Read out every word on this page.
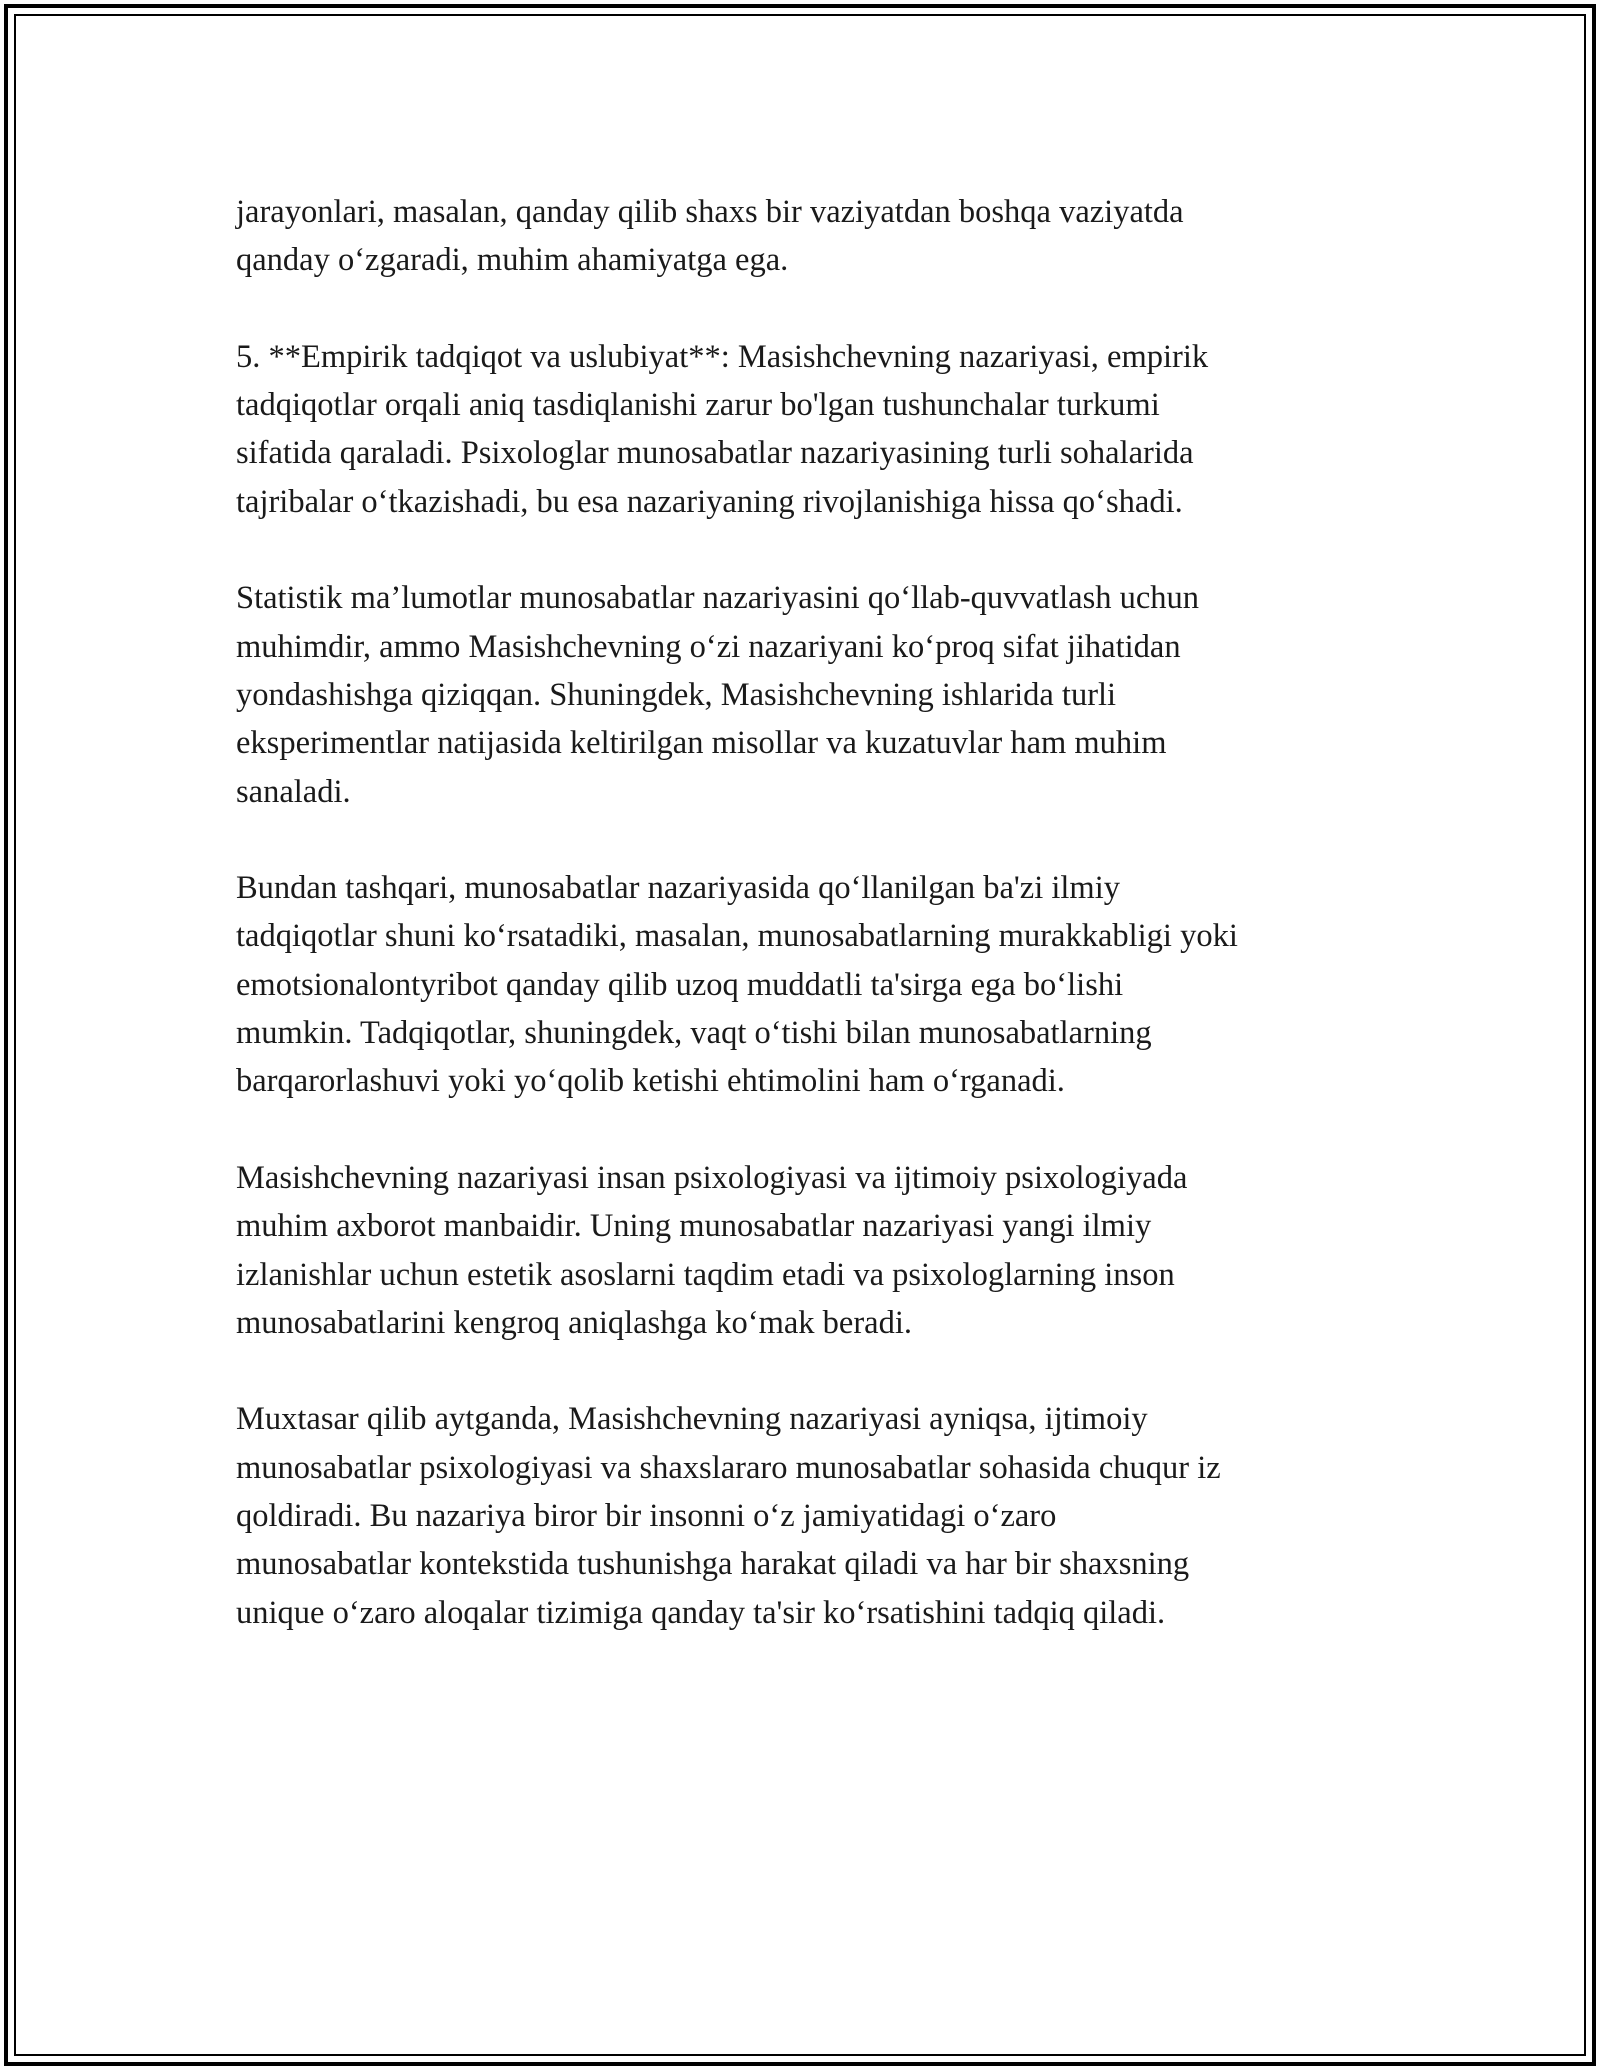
jarayonlari, masalan, qanday qilib shaxs bir vaziyatdan boshqa vaziyatda
qanday o‘zgaradi, muhim ahamiyatga ega.

5. **Empirik tadqiqot va uslubiyat**: Masishchevning nazariyasi, empirik
tadqiqotlar orqali aniq tasdiqlanishi zarur bo'lgan tushunchalar turkumi
sifatida qaraladi. Psixologlar munosabatlar nazariyasining turli sohalarida
tajribalar o‘tkazishadi, bu esa nazariyaning rivojlanishiga hissa qo‘shadi.

Statistik ma’lumotlar munosabatlar nazariyasini qo‘llab-quvvatlash uchun
muhimdir, ammo Masishchevning o‘zi nazariyani ko‘proq sifat jihatidan
yondashishga qiziqqan. Shuningdek, Masishchevning ishlarida turli
eksperimentlar natijasida keltirilgan misollar va kuzatuvlar ham muhim
sanaladi.

Bundan tashqari, munosabatlar nazariyasida qo‘llanilgan ba'zi ilmiy
tadqiqotlar shuni ko‘rsatadiki, masalan, munosabatlarning murakkabligi yoki
emotsionalontyribot qanday qilib uzoq muddatli ta'sirga ega bo‘lishi
mumkin. Tadqiqotlar, shuningdek, vaqt o‘tishi bilan munosabatlarning
barqarorlashuvi yoki yo‘qolib ketishi ehtimolini ham o‘rganadi.

Masishchevning nazariyasi insan psixologiyasi va ijtimoiy psixologiyada
muhim axborot manbaidir. Uning munosabatlar nazariyasi yangi ilmiy
izlanishlar uchun estetik asoslarni taqdim etadi va psixologlarning inson
munosabatlarini kengroq aniqlashga ko‘mak beradi.

Muxtasar qilib aytganda, Masishchevning nazariyasi ayniqsa, ijtimoiy
munosabatlar psixologiyasi va shaxslararo munosabatlar sohasida chuqur iz
qoldiradi. Bu nazariya biror bir insonni o‘z jamiyatidagi o‘zaro
munosabatlar kontekstida tushunishga harakat qiladi va har bir shaxsning
unique o‘zaro aloqalar tizimiga qanday ta'sir ko‘rsatishini tadqiq qiladi.
